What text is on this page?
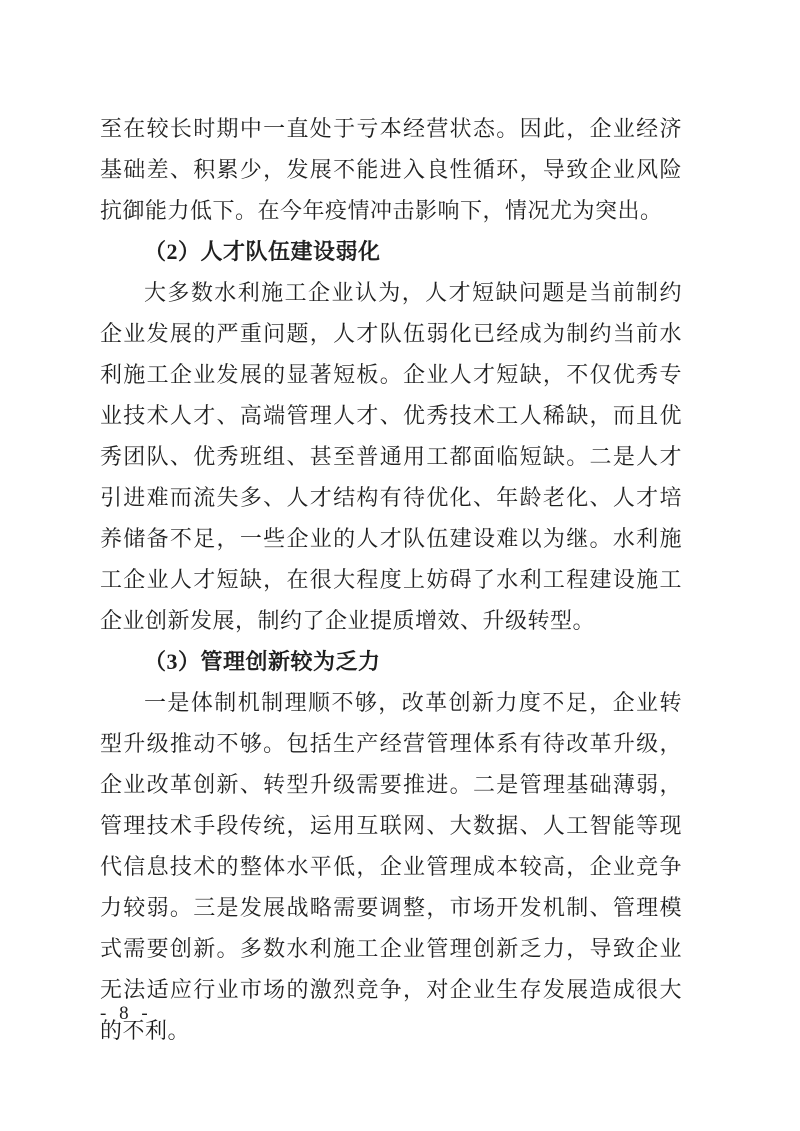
至在较长时期中一直处于亏本经营状态。因此，企业经济基础差、积累少，发展不能进入良性循环，导致企业风险抗御能力低下。在今年疫情冲击影响下，情况尤为突出。

（2）人才队伍建设弱化

大多数水利施工企业认为，人才短缺问题是当前制约企业发展的严重问题，人才队伍弱化已经成为制约当前水利施工企业发展的显著短板。企业人才短缺，不仅优秀专业技术人才、高端管理人才、优秀技术工人稀缺，而且优秀团队、优秀班组、甚至普通用工都面临短缺。二是人才引进难而流失多、人才结构有待优化、年龄老化、人才培养储备不足，一些企业的人才队伍建设难以为继。水利施工企业人才短缺，在很大程度上妨碍了水利工程建设施工企业创新发展，制约了企业提质增效、升级转型。

（3）管理创新较为乏力

一是体制机制理顺不够，改革创新力度不足，企业转型升级推动不够。包括生产经营管理体系有待改革升级，企业改革创新、转型升级需要推进。二是管理基础薄弱，管理技术手段传统，运用互联网、大数据、人工智能等现代信息技术的整体水平低，企业管理成本较高，企业竞争力较弱。三是发展战略需要调整，市场开发机制、管理模式需要创新。多数水利施工企业管理创新乏力，导致企业无法适应行业市场的激烈竞争，对企业生存发展造成很大的不利。

- 8 -
